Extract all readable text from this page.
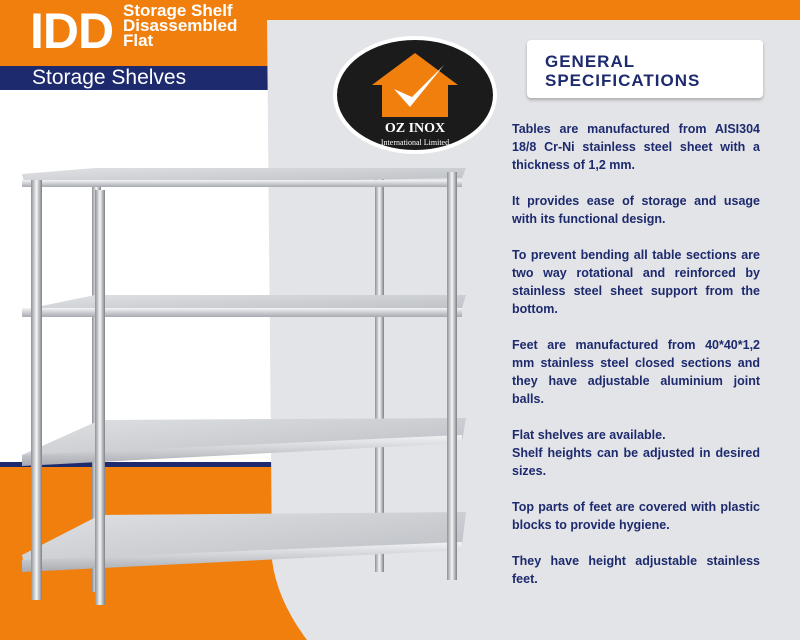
IDD Storage Shelf
Disassembled
Flat
Storage Shelves
OZ INOX
International Limited
GENERAL
SPECIFICATIONS

Tables are manufactured from AISI304 18/8 Cr-Ni stainless steel sheet with a thickness of 1,2 mm.

It provides ease of storage and usage with its functional design.

To prevent bending all table sections are two way rotational and reinforced by stainless steel sheet support from the bottom.

Feet are manufactured from 40*40*1,2 mm stainless steel closed sections and they have adjustable aluminium joint balls.

Flat shelves are available.

Shelf heights can be adjusted in desired sizes.

Top parts of feet are covered with plastic blocks to provide hygiene.

They have height adjustable stainless feet.
